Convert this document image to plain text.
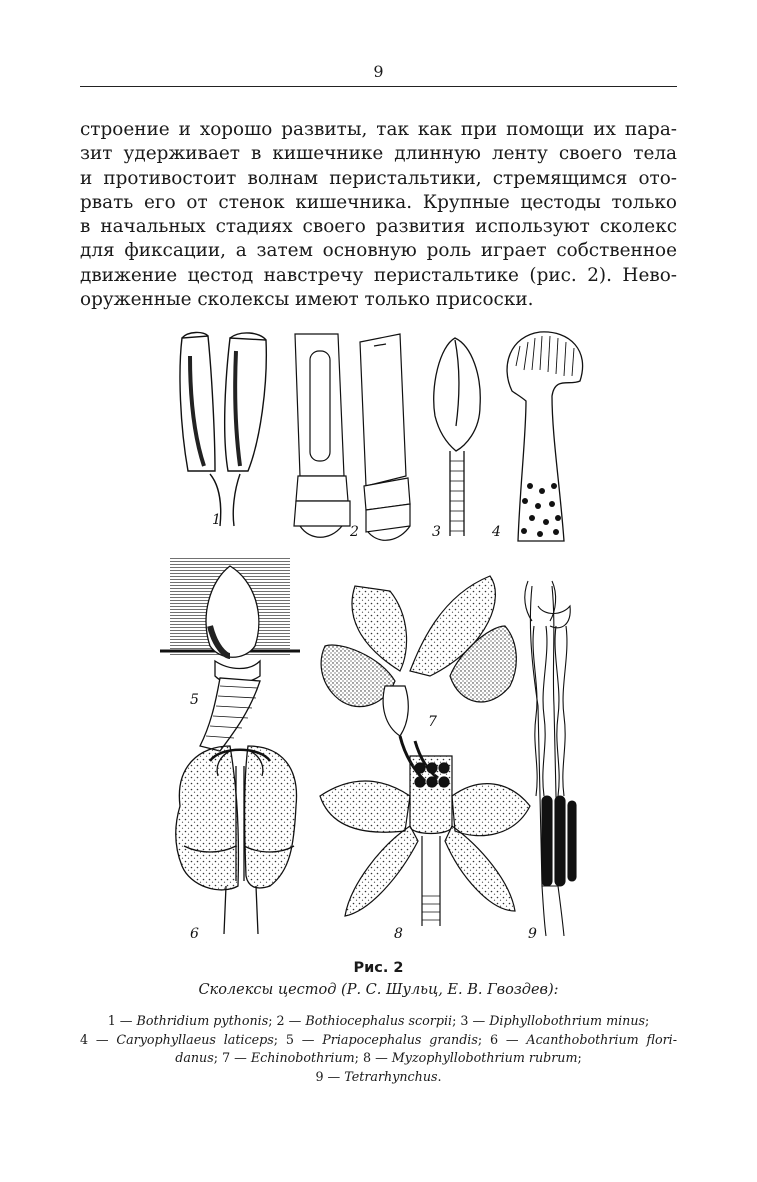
9
строение и хорошо развиты, так как при помощи их пара-
зит удерживает в кишечнике длинную ленту своего тела
и противостоит волнам перистальтики, стремящимся ото-
рвать его от стенок кишечника. Крупные цестоды только
в начальных стадиях своего развития используют сколекс
для фиксации, а затем основную роль играет собственное
движение цестод навстречу перистальтике (рис. 2). Нево-
оруженные сколексы имеют только присоски.
1
2	3	4
5
7
9
6	8
Рис. 2
Сколексы цестод (Р. С. Шульц, Е. В. Гвоздев):
1 — Bothridium pythonis; 2 — Bothiocephalus scorpii; 3 — Diphyllobothrium minus;
4 — Caryophyllaeus laticeps; 5 — Priapocephalus grandis; 6 — Acanthobothrium flori-
danus; 7 — Echinobothrium; 8 — Myzophyllobothrium rubrum;
9 — Tetrarhynchus.
